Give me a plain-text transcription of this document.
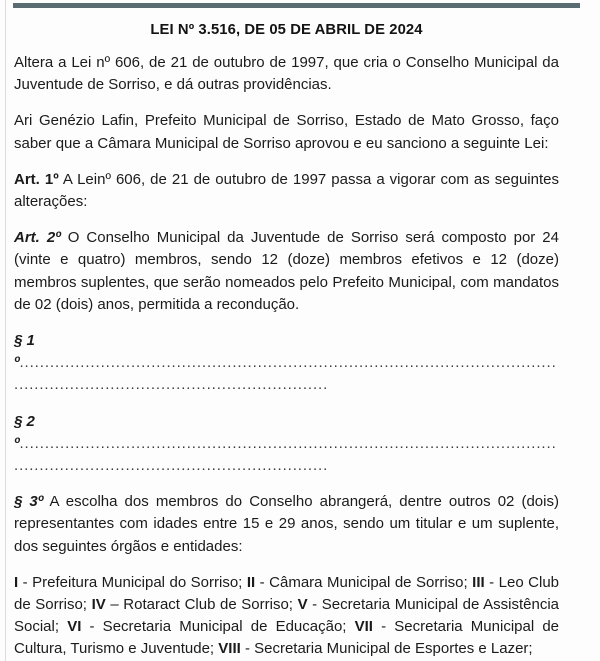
LEI Nº 3.516, DE 05 DE ABRIL DE 2024

Altera a Lei nº 606, de 21 de outubro de 1997, que cria o Conselho Municipal da Juventude de Sorriso, e dá outras providências.

Ari Genézio Lafin, Prefeito Municipal de Sorriso, Estado de Mato Grosso, faço saber que a Câmara Municipal de Sorriso aprovou e eu sanciono a seguinte Lei:

Art. 1º A Leinº 606, de 21 de outubro de 1997 passa a vigorar com as seguintes alterações:

Art. 2º O Conselho Municipal da Juventude de Sorriso será composto por 24 (vinte e quatro) membros, sendo 12 (doze) membros efetivos e 12 (doze) membros suplentes, que serão nomeados pelo Prefeito Municipal, com mandatos de 02 (dois) anos, permitida a recondução.

§ 1º........................................................................................................................................................................

§ 2º........................................................................................................................................................................

§ 3º A escolha dos membros do Conselho abrangerá, dentre outros 02 (dois) representantes com idades entre 15 e 29 anos, sendo um titular e um suplente, dos seguintes órgãos e entidades:

I - Prefeitura Municipal do Sorriso; II - Câmara Municipal de Sorriso; III - Leo Club de Sorriso; IV – Rotaract Club de Sorriso; V - Secretaria Municipal de Assistência Social; VI - Secretaria Municipal de Educação; VII - Secretaria Municipal de Cultura, Turismo e Juventude; VIII - Secretaria Municipal de Esportes e Lazer;
